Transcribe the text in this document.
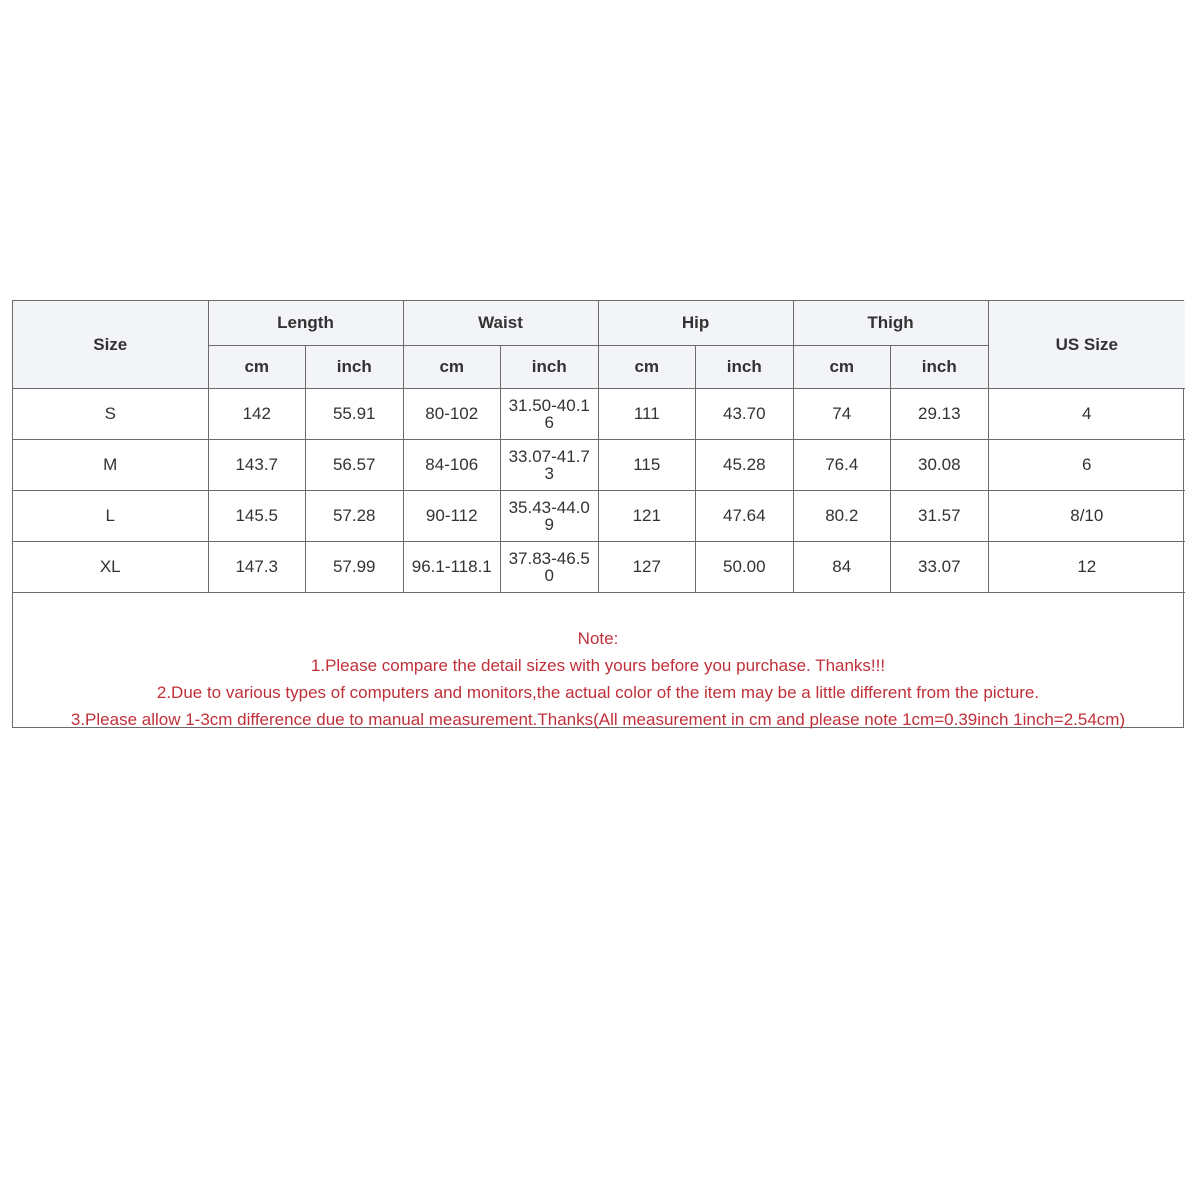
Size	Length		Waist		Hip		Thigh		US Size
	cm	inch	cm	inch	cm	inch	cm	inch	
S	142	55.91	80-102	31.50-40.16	111	43.70	74	29.13	4
M	143.7	56.57	84-106	33.07-41.73	115	45.28	76.4	30.08	6
L	145.5	57.28	90-112	35.43-44.09	121	47.64	80.2	31.57	8/10
XL	147.3	57.99	96.1-118.1	37.83-46.50	127	50.00	84	33.07	12
Note:
1.Please compare the detail sizes with yours before you purchase. Thanks!!!
2.Due to various types of computers and monitors,the actual color of the item may be a little different from the picture.
3.Please allow 1-3cm difference due to manual measurement.Thanks(All measurement in cm and please note 1cm=0.39inch 1inch=2.54cm)
